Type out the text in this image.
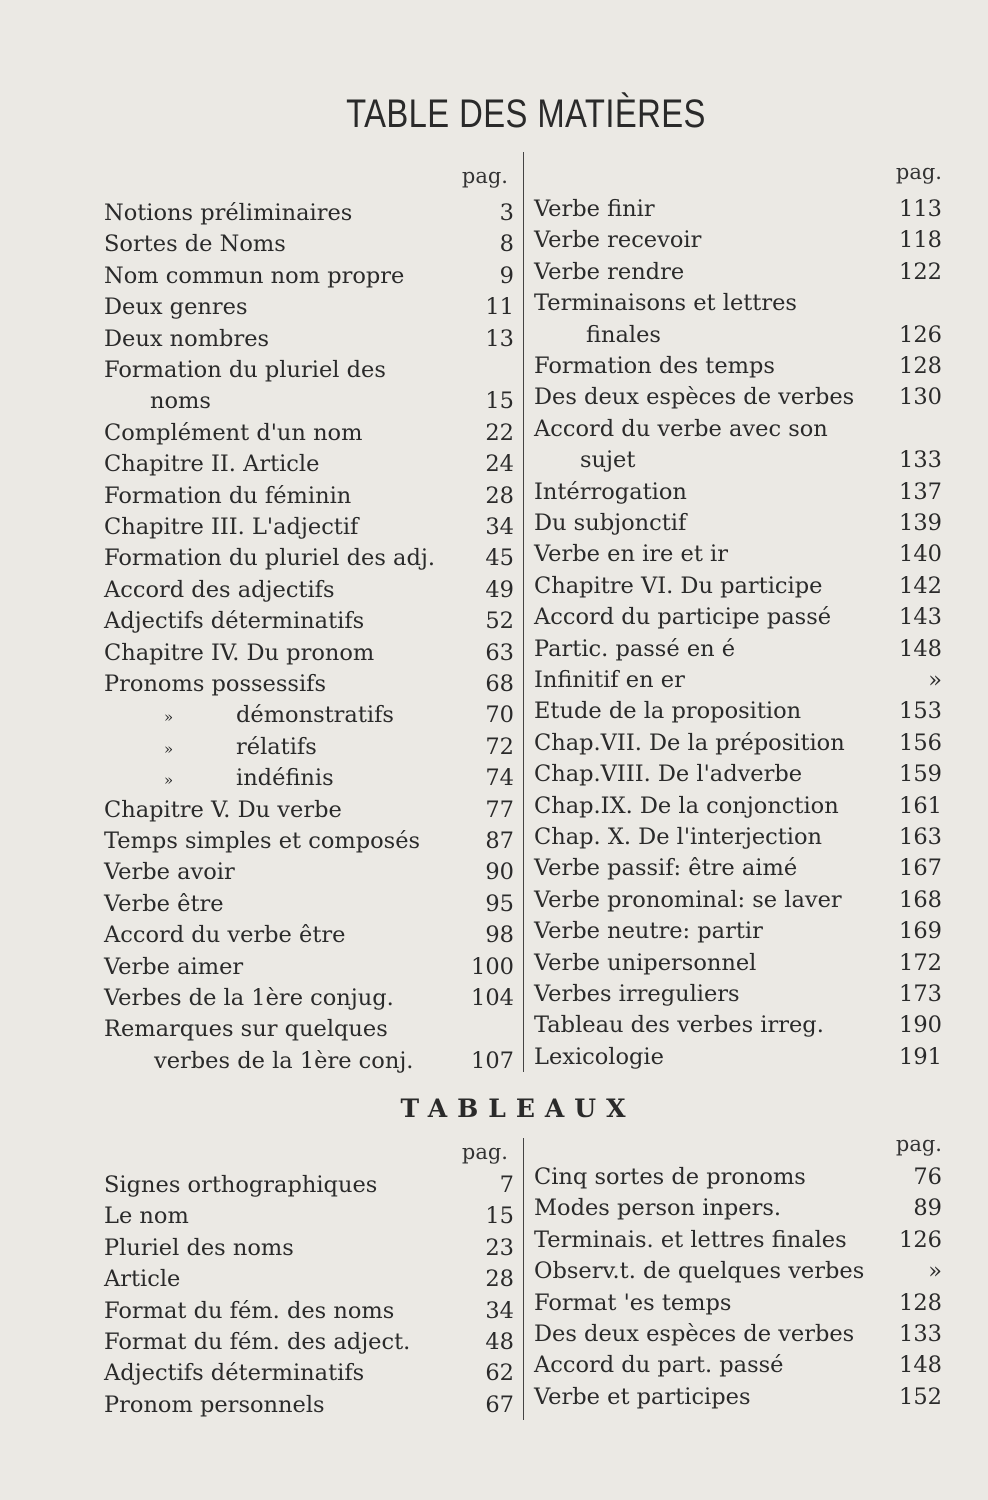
TABLE DES MATIÈRES
pag.
Notions préliminaires	3
Sortes de Noms	8
Nom commun nom propre	9
Deux genres	11
Deux nombres	13
Formation du pluriel des
noms	15
Complément d'un nom	22
Chapitre II. Article	24
Formation du féminin	28
Chapitre III. L'adjectif	34
Formation du pluriel des adj. 45
Accord des adjectifs	49
Adjectifs déterminatifs	52
Chapitre IV. Du pronom	63
Pronoms possessifs	68
»	démonstratifs	70
»	rélatifs	72
»	indéfinis	74
Chapitre V. Du verbe	77
Temps simples et composés	87
Verbe avoir	90
Verbe être	95
Accord du verbe être	98
Verbe aimer	100
Verbes de la 1ère conjug.	104
Remarques sur quelques
verbes de la 1ère conj.	107
pag.
Verbe finir	113
Verbe recevoir	118
Verbe rendre	122
Terminaisons et lettres
finales	126
Formation des temps	128
Des deux espèces de verbes 130
Accord du verbe avec son
sujet	133
Intérrogation	137
Du subjonctif	139
Verbe en ire et ir	140
Chapitre VI. Du participe	142
Accord du participe passé	143
Partic. passé en é	148
Infinitif en er	»
Etude de la proposition	153
Chap.VII. De la préposition 156
Chap.VIII. De l'adverbe	159
Chap.IX. De la conjonction	161
Chap. X. De l'interjection	163
Verbe passif: être aimé	167
Verbe pronominal: se laver	168
Verbe neutre: partir	169
Verbe unipersonnel	172
Verbes irreguliers	173
Tableau des verbes irreg.	190
Lexicologie	191
TABLEAUX
pag.
Signes orthographiques	7
Le nom	15
Pluriel des noms	23
Article	28
Format du fém. des noms	34
Format du fém. des adject.	48
Adjectifs déterminatifs	62
Pronom personnels	67
pag.
Cinq sortes de pronoms	76
Modes person inpers.	89
Terminais. et lettres finales 126
Observ.t. de quelques verbes	»
Format 'es temps	128
Des deux espèces de verbes 133
Accord du part. passé	148
Verbe et participes	152
